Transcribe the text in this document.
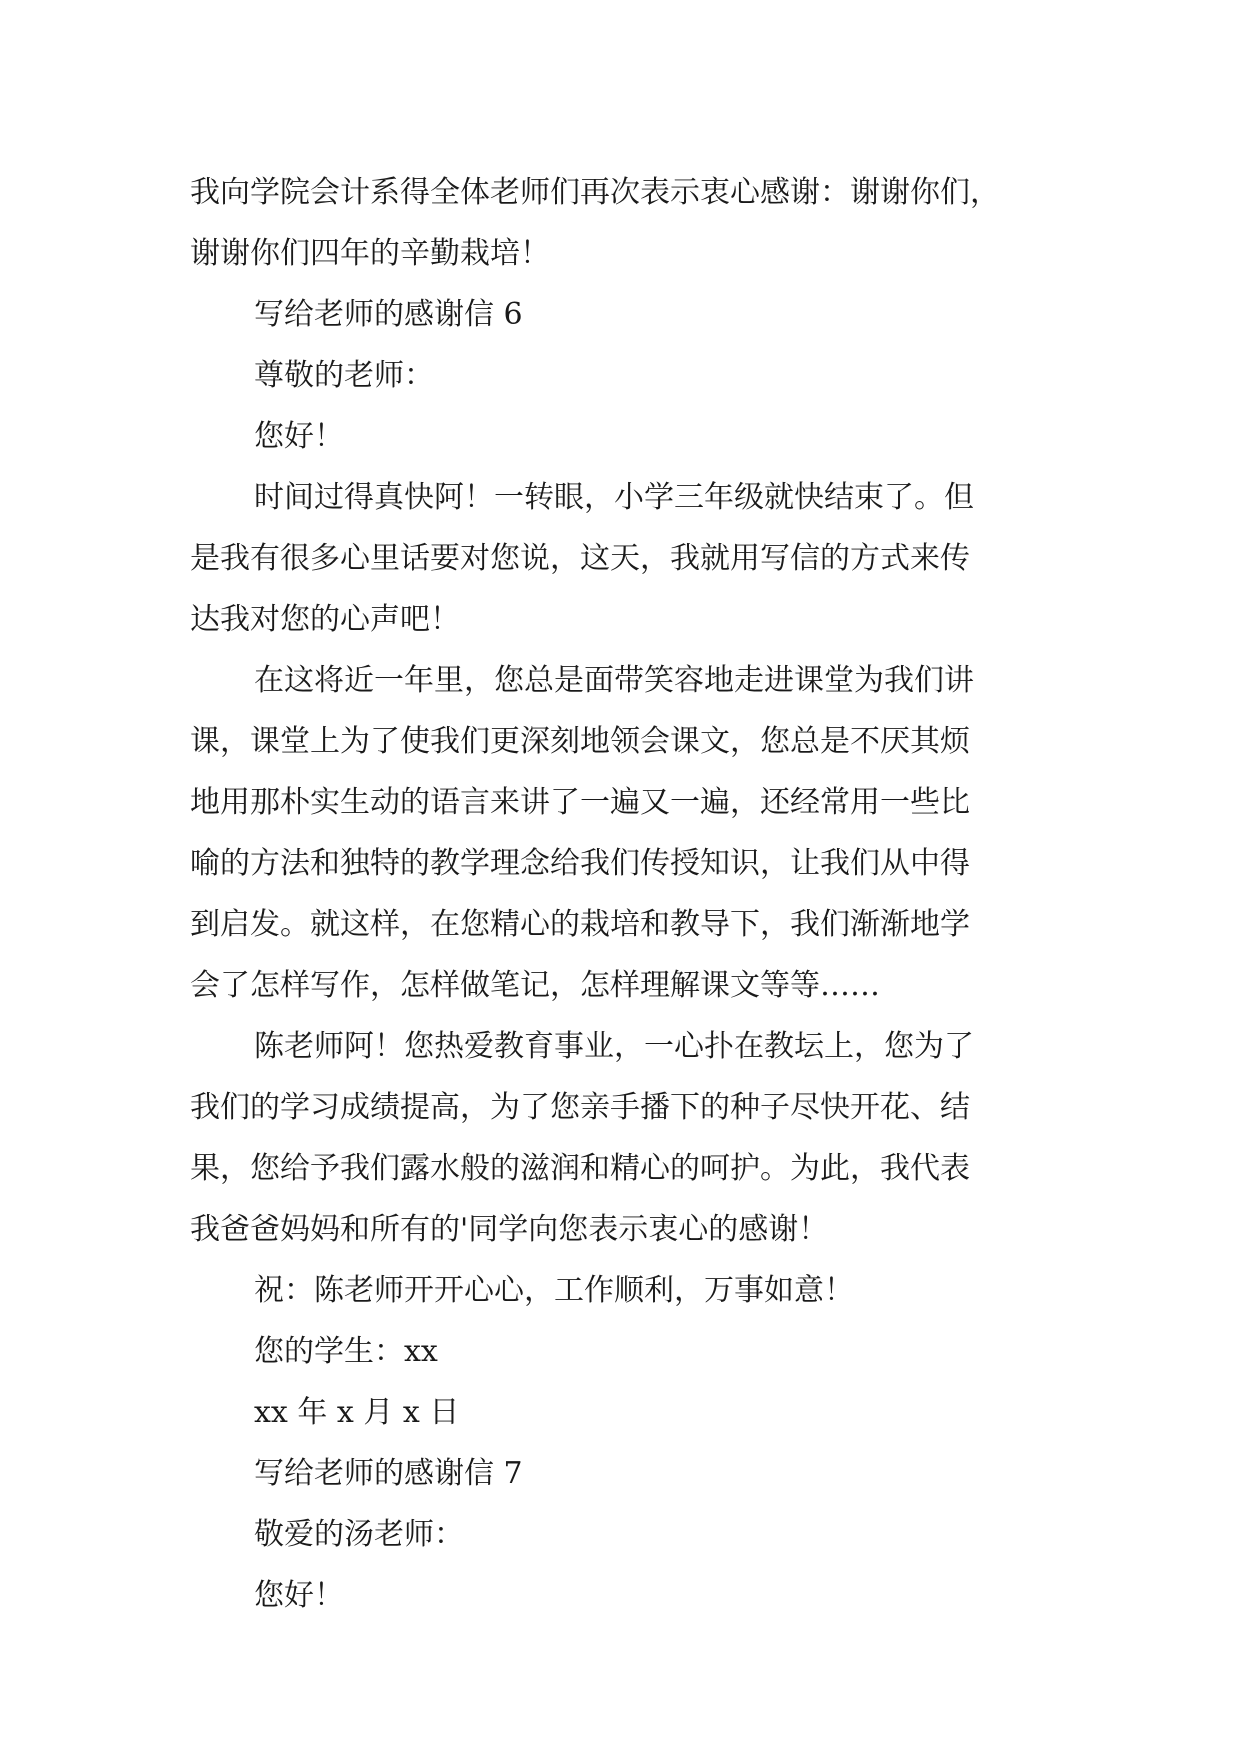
我向学院会计系得全体老师们再次表示衷心感谢：谢谢你们，

谢谢你们四年的辛勤栽培！

写给老师的感谢信 6

尊敬的老师：

您好！

时间过得真快阿！一转眼，小学三年级就快结束了。但

是我有很多心里话要对您说，这天，我就用写信的方式来传

达我对您的心声吧！

在这将近一年里，您总是面带笑容地走进课堂为我们讲

课，课堂上为了使我们更深刻地领会课文，您总是不厌其烦

地用那朴实生动的语言来讲了一遍又一遍，还经常用一些比

喻的方法和独特的教学理念给我们传授知识，让我们从中得

到启发。就这样，在您精心的栽培和教导下，我们渐渐地学

会了怎样写作，怎样做笔记，怎样理解课文等等……

陈老师阿！您热爱教育事业，一心扑在教坛上，您为了

我们的学习成绩提高，为了您亲手播下的种子尽快开花、结

果，您给予我们露水般的滋润和精心的呵护。为此，我代表

我爸爸妈妈和所有的'同学向您表示衷心的感谢！

祝：陈老师开开心心，工作顺利，万事如意！

您的学生：xx

xx 年 x 月 x 日

写给老师的感谢信 7

敬爱的汤老师：

您好！
